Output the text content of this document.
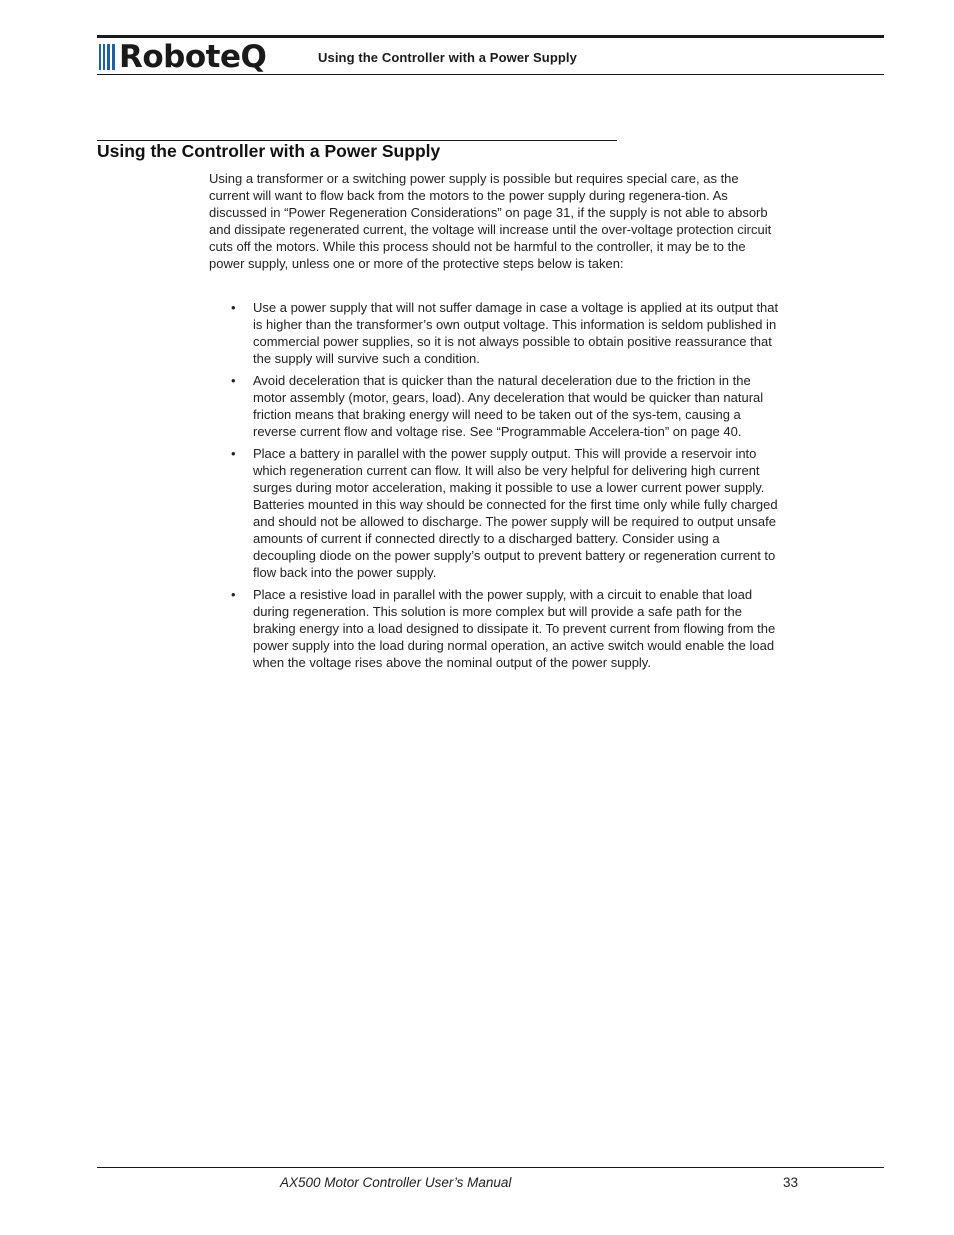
RoboteQ	Using the Controller with a Power Supply
Using the Controller with a Power Supply

Using a transformer or a switching power supply is possible but requires special care, as the current will want to flow back from the motors to the power supply during regenera-tion. As discussed in “Power Regeneration Considerations” on page 31, if the supply is not able to absorb and dissipate regenerated current, the voltage will increase until the over-voltage protection circuit cuts off the motors. While this process should not be harmful to the controller, it may be to the power supply, unless one or more of the protective steps below is taken:

• Use a power supply that will not suffer damage in case a voltage is applied at its output that is higher than the transformer’s own output voltage. This information is seldom published in commercial power supplies, so it is not always possible to obtain positive reassurance that the supply will survive such a condition.
• Avoid deceleration that is quicker than the natural deceleration due to the friction in the motor assembly (motor, gears, load). Any deceleration that would be quicker than natural friction means that braking energy will need to be taken out of the sys-tem, causing a reverse current flow and voltage rise. See “Programmable Accelera-tion” on page 40.
• Place a battery in parallel with the power supply output. This will provide a reservoir into which regeneration current can flow. It will also be very helpful for delivering high current surges during motor acceleration, making it possible to use a lower current power supply. Batteries mounted in this way should be connected for the first time only while fully charged and should not be allowed to discharge. The power supply will be required to output unsafe amounts of current if connected directly to a discharged battery. Consider using a decoupling diode on the power supply’s output to prevent battery or regeneration current to flow back into the power supply.
• Place a resistive load in parallel with the power supply, with a circuit to enable that load during regeneration. This solution is more complex but will provide a safe path for the braking energy into a load designed to dissipate it. To prevent current from flowing from the power supply into the load during normal operation, an active switch would enable the load when the voltage rises above the nominal output of the power supply.
AX500 Motor Controller User’s Manual	33
